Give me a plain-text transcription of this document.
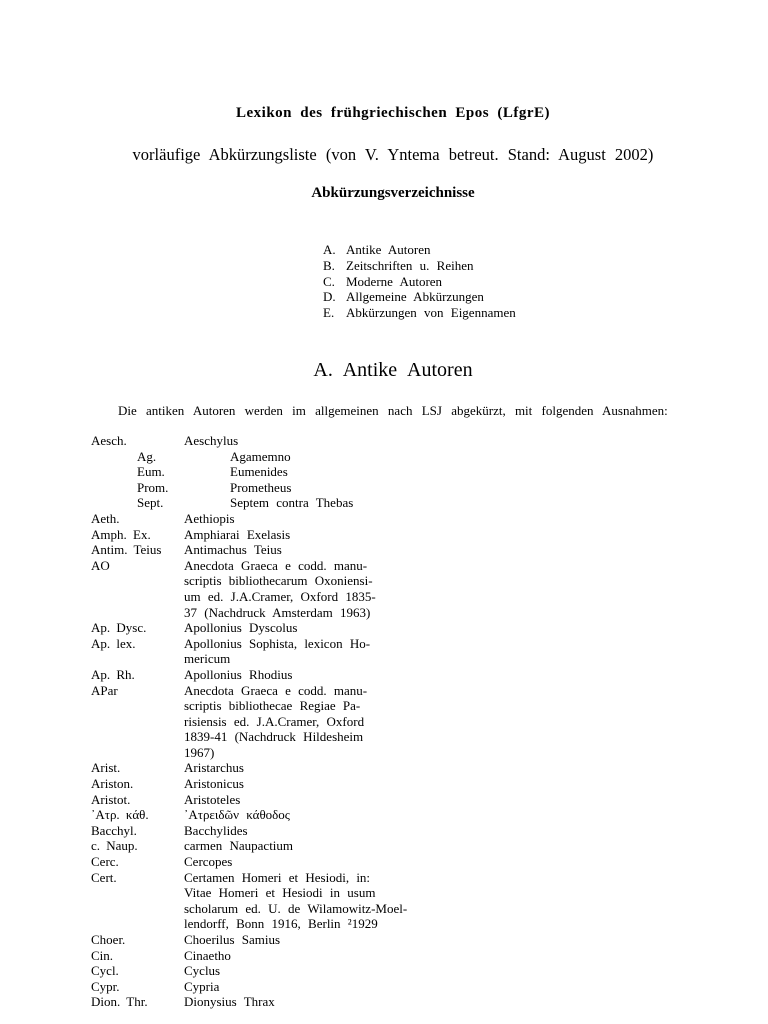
Lexikon des frühgriechischen Epos (LfgrE)
vorläufige Abkürzungsliste (von V. Yntema betreut. Stand: August 2002)
Abkürzungsverzeichnisse
A. Antike Autoren
B. Zeitschriften u. Reihen
C. Moderne Autoren
D. Allgemeine Abkürzungen
E. Abkürzungen von Eigennamen
A. Antike Autoren
Die antiken Autoren werden im allgemeinen nach LSJ abgekürzt, mit folgenden Ausnahmen:
Aesch.	Aeschylus
Ag.	Agamemno
Eum.	Eumenides
Prom.	Prometheus
Sept.	Septem contra Thebas
Aeth.	Aethiopis
Amph. Ex.	Amphiarai Exelasis
Antim. Teius	Antimachus Teius
AO	Anecdota Graeca e codd. manu-
scriptis bibliothecarum Oxoniensi-
um ed. J.A.Cramer, Oxford 1835-
37 (Nachdruck Amsterdam 1963)
Ap. Dysc.	Apollonius Dyscolus
Ap. lex.	Apollonius Sophista, lexicon Ho-
mericum
Ap. Rh.	Apollonius Rhodius
APar	Anecdota Graeca e codd. manu-
scriptis bibliothecae Regiae Pa-
risiensis ed. J.A.Cramer, Oxford
1839-41 (Nachdruck Hildesheim
1967)
Arist.	Aristarchus
Ariston.	Aristonicus
Aristot.	Aristoteles
᾽Ατρ. κάθ.	᾽Ατρειδῶν κάθοδος
Bacchyl.	Bacchylides
c. Naup.	carmen Naupactium
Cerc.	Cercopes
Cert.	Certamen Homeri et Hesiodi, in:
Vitae Homeri et Hesiodi in usum
scholarum ed. U. de Wilamowitz-Moel-
lendorff, Bonn 1916, Berlin ²1929
Choer.	Choerilus Samius
Cin.	Cinaetho
Cycl.	Cyclus
Cypr.	Cypria
Dion. Thr.	Dionysius Thrax
